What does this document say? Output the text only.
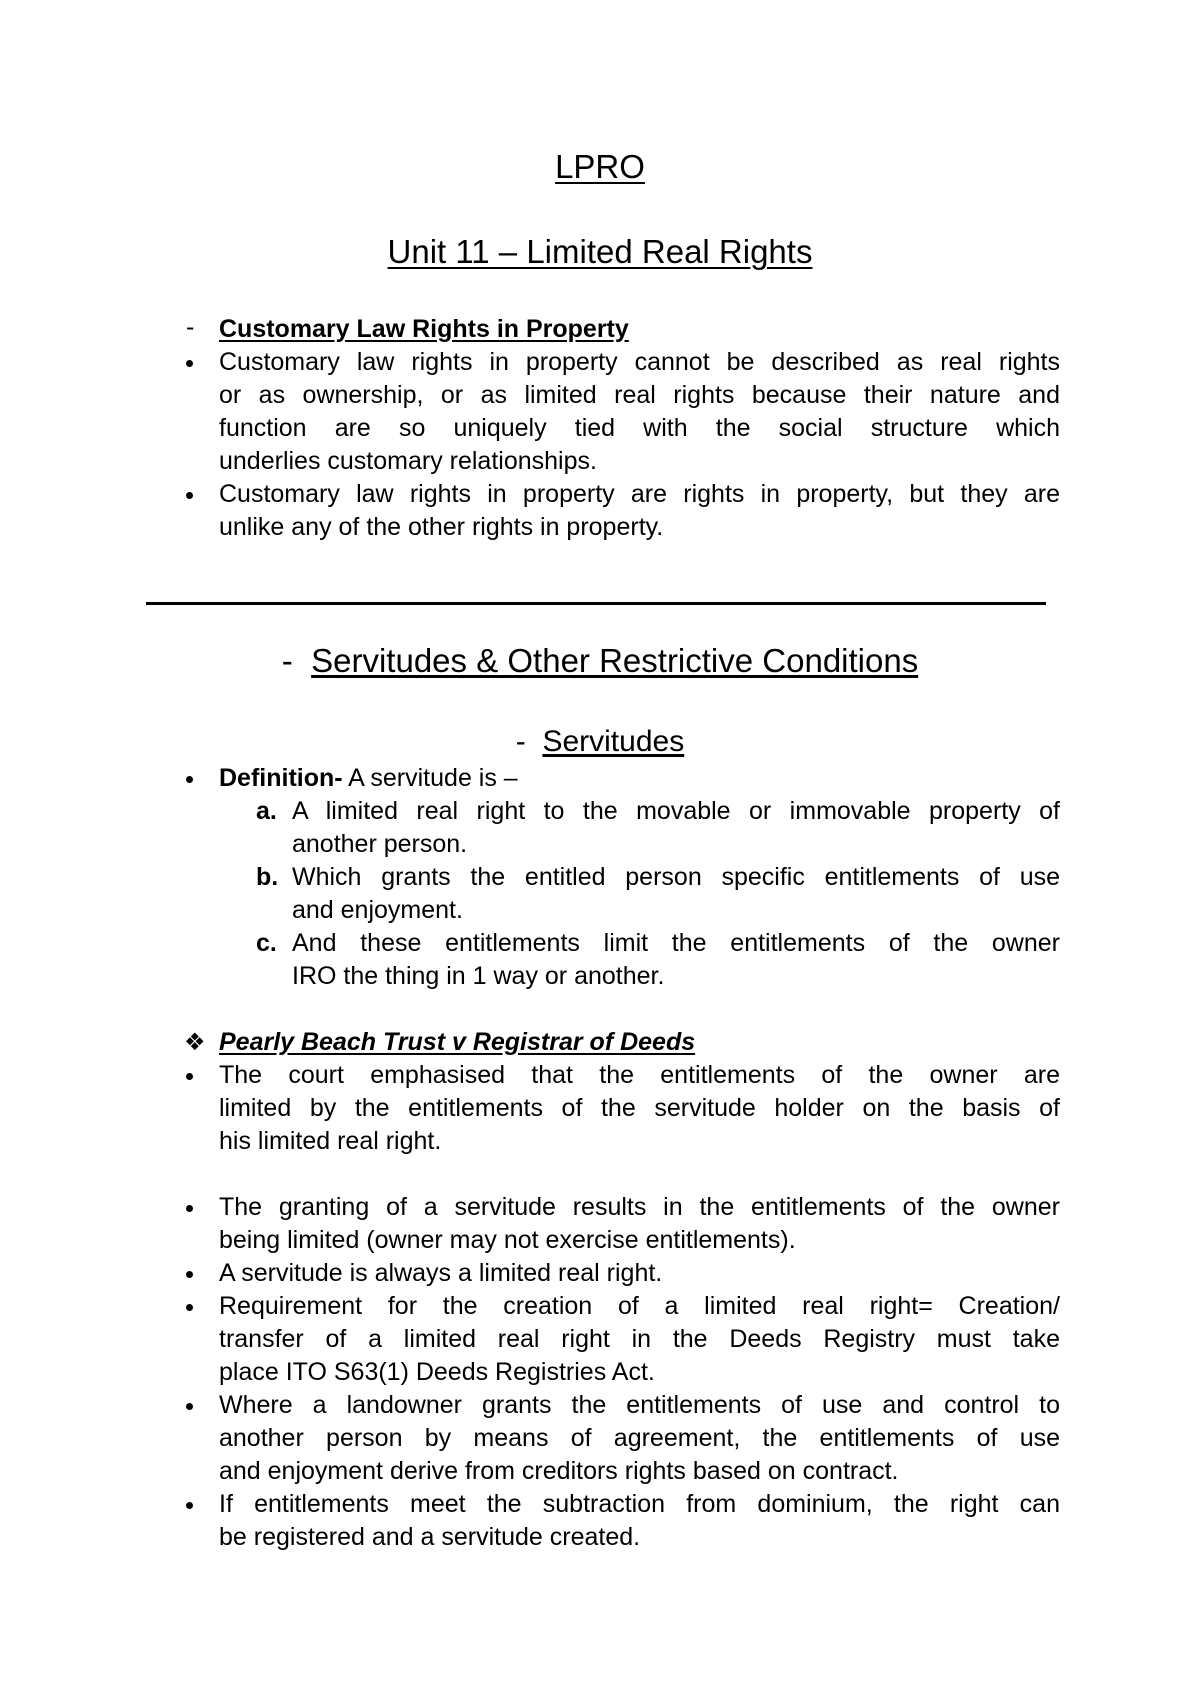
LPRO
Unit 11 – Limited Real Rights
- Customary Law Rights in Property
Customary law rights in property cannot be described as real rights
or as ownership, or as limited real rights because their nature and
function are so uniquely tied with the social structure which
underlies customary relationships.
Customary law rights in property are rights in property, but they are
unlike any of the other rights in property.
- Servitudes & Other Restrictive Conditions
- Servitudes
Definition- A servitude is –
a. A limited real right to the movable or immovable property of
another person.
b. Which grants the entitled person specific entitlements of use
and enjoyment.
c. And these entitlements limit the entitlements of the owner
IRO the thing in 1 way or another.
❖ Pearly Beach Trust v Registrar of Deeds
The court emphasised that the entitlements of the owner are
limited by the entitlements of the servitude holder on the basis of
his limited real right.
The granting of a servitude results in the entitlements of the owner
being limited (owner may not exercise entitlements).
A servitude is always a limited real right.
Requirement for the creation of a limited real right= Creation/
transfer of a limited real right in the Deeds Registry must take
place ITO S63(1) Deeds Registries Act.
Where a landowner grants the entitlements of use and control to
another person by means of agreement, the entitlements of use
and enjoyment derive from creditors rights based on contract.
If entitlements meet the subtraction from dominium, the right can
be registered and a servitude created.
